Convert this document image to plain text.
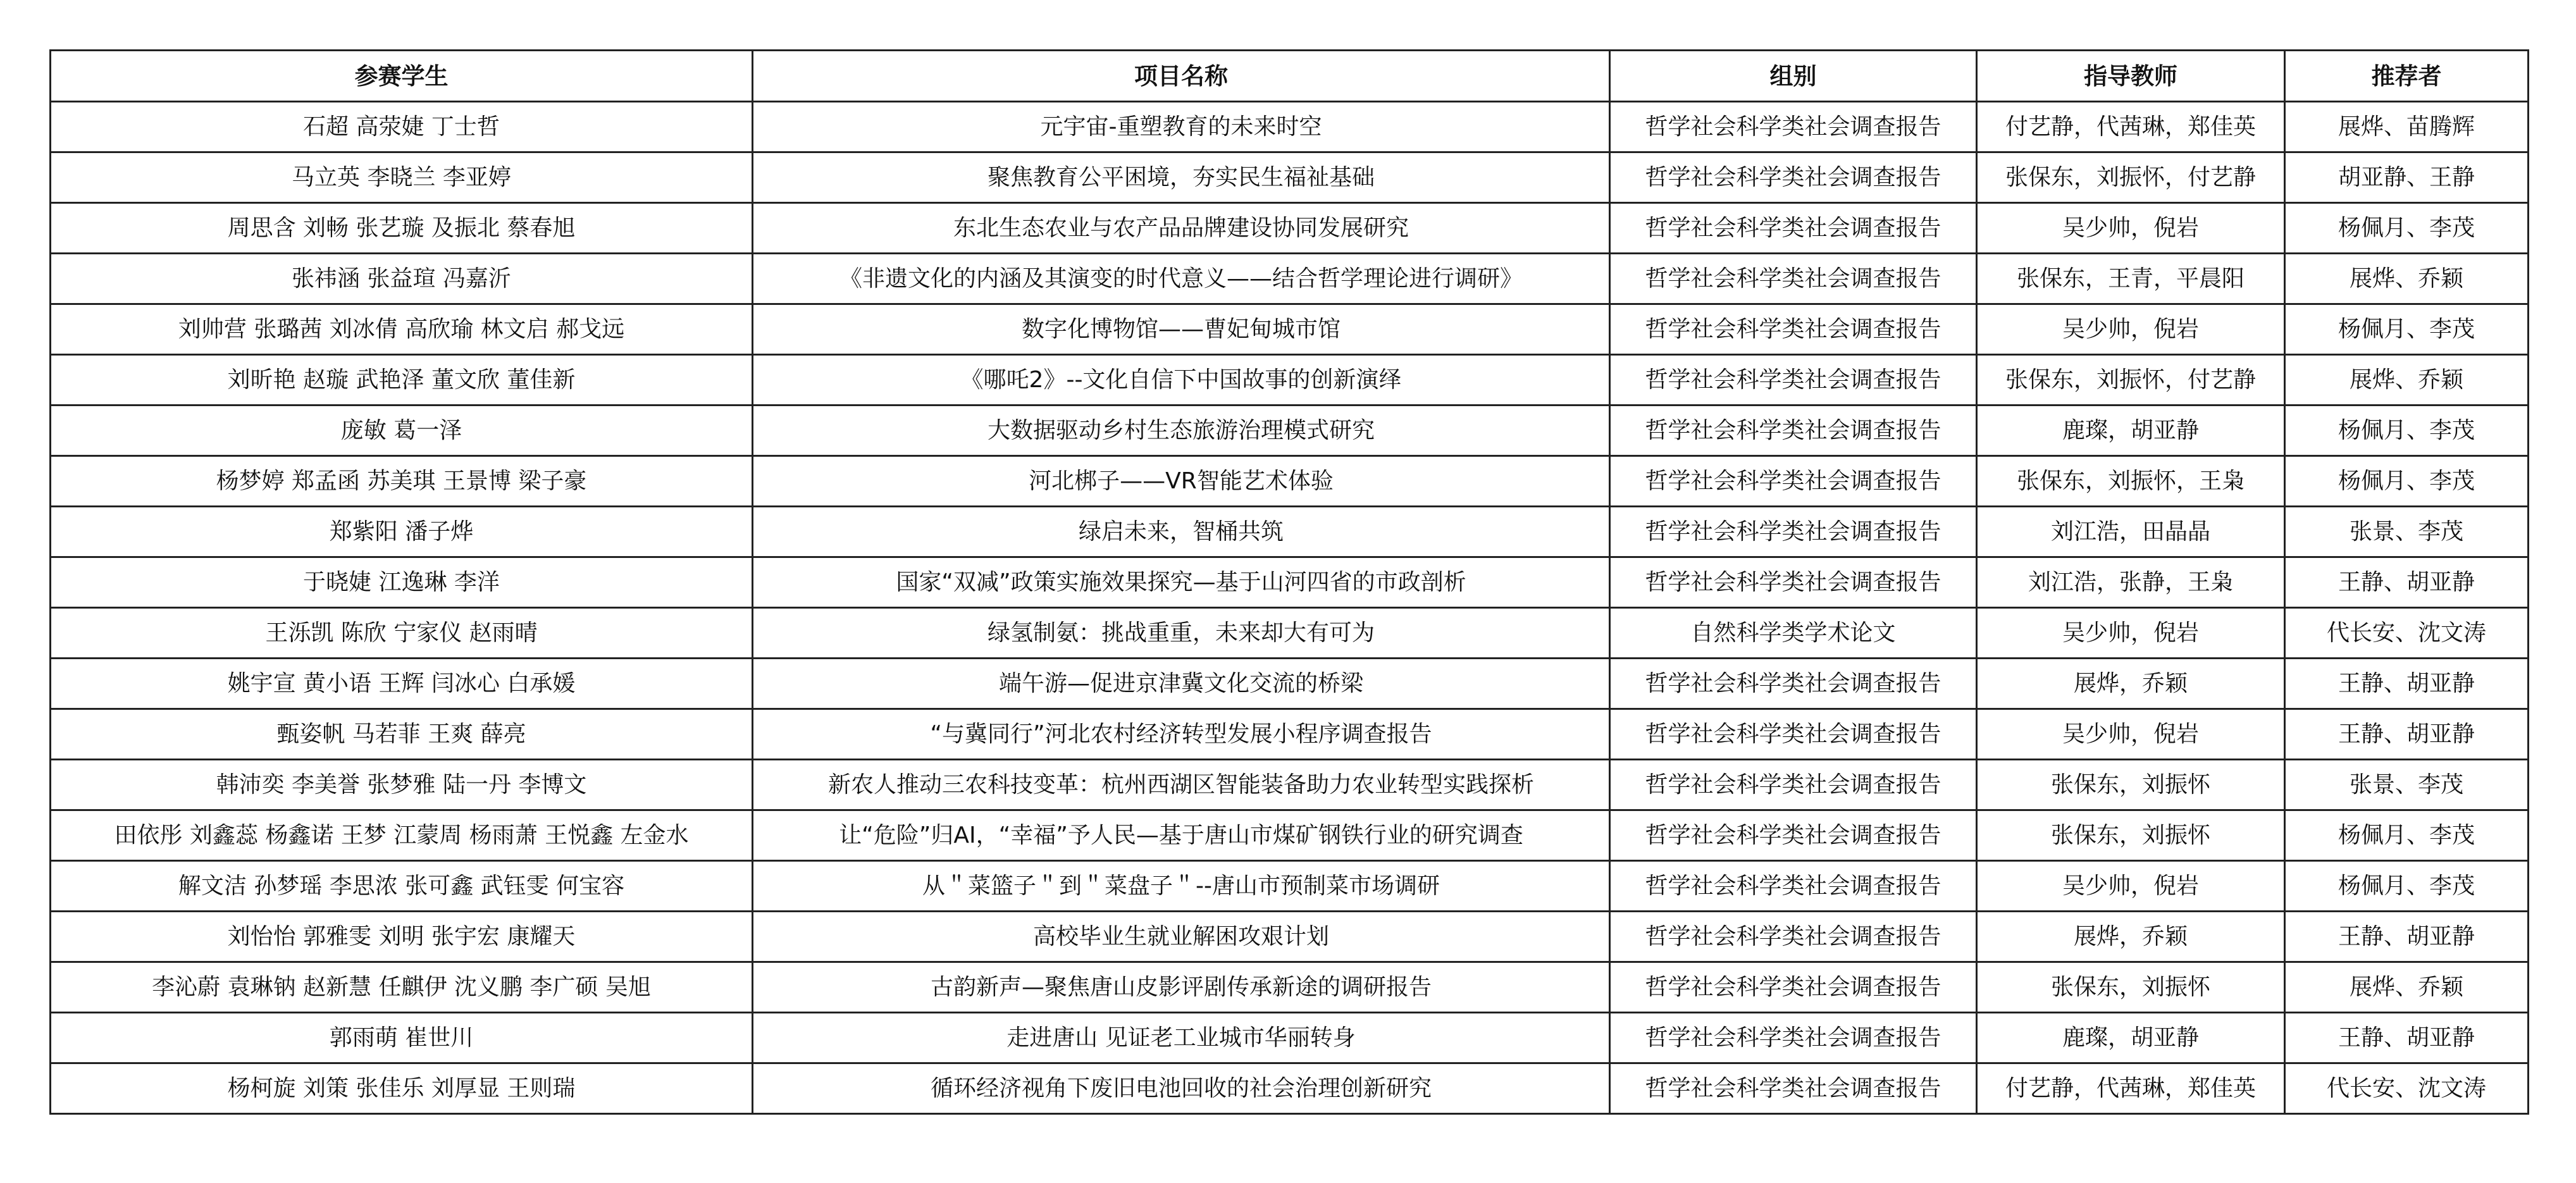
参赛学生	项目名称	组别	指导教师	推荐者
石超 高荥婕 丁士哲	元宇宙-重塑教育的未来时空	哲学社会科学类社会调查报告	付艺静，代茜琳，郑佳英	展烨、苗腾辉
马立英 李晓兰 李亚婷	聚焦教育公平困境，夯实民生福祉基础	哲学社会科学类社会调查报告	张保东，刘振怀，付艺静	胡亚静、王静
周思含 刘畅 张艺璇 及振北 蔡春旭	东北生态农业与农产品品牌建设协同发展研究	哲学社会科学类社会调查报告	吴少帅，倪岩	杨佩月、李茂
张祎涵 张益瑄 冯嘉沂	《非遗文化的内涵及其演变的时代意义——结合哲学理论进行调研》	哲学社会科学类社会调查报告	张保东，王青，平晨阳	展烨、乔颖
刘帅营 张璐茜 刘冰倩 高欣瑜 林文启 郝戈远	数字化博物馆——曹妃甸城市馆	哲学社会科学类社会调查报告	吴少帅，倪岩	杨佩月、李茂
刘昕艳 赵璇 武艳泽 董文欣 董佳新	《哪吒2》--文化自信下中国故事的创新演绎	哲学社会科学类社会调查报告	张保东，刘振怀，付艺静	展烨、乔颖
庞敏 葛一泽	大数据驱动乡村生态旅游治理模式研究	哲学社会科学类社会调查报告	鹿璨，胡亚静	杨佩月、李茂
杨梦婷 郑孟函 苏美琪 王景博 梁子豪	河北梆子——VR智能艺术体验	哲学社会科学类社会调查报告	张保东，刘振怀，王枭	杨佩月、李茂
郑紫阳 潘子烨	绿启未来，智桶共筑	哲学社会科学类社会调查报告	刘江浩，田晶晶	张景、李茂
于晓婕 江逸琳 李洋	国家“双减”政策实施效果探究—基于山河四省的市政剖析	哲学社会科学类社会调查报告	刘江浩，张静，王枭	王静、胡亚静
王泺凯 陈欣 宁家仪 赵雨晴	绿氢制氨：挑战重重，未来却大有可为	自然科学类学术论文	吴少帅，倪岩	代长安、沈文涛
姚宇宣 黄小语 王辉 闫冰心 白承媛	端午游—促进京津冀文化交流的桥梁	哲学社会科学类社会调查报告	展烨，乔颖	王静、胡亚静
甄姿帆 马若菲 王爽 薛亮	“与冀同行”河北农村经济转型发展小程序调查报告	哲学社会科学类社会调查报告	吴少帅，倪岩	王静、胡亚静
韩沛奕 李美誉 张梦雅 陆一丹 李博文	新农人推动三农科技变革：杭州西湖区智能装备助力农业转型实践探析	哲学社会科学类社会调查报告	张保东，刘振怀	张景、李茂
田依彤 刘鑫蕊 杨鑫诺 王梦 江蒙周 杨雨萧 王悦鑫 左金水	让“危险”归AI，“幸福”予人民—基于唐山市煤矿钢铁行业的研究调查	哲学社会科学类社会调查报告	张保东，刘振怀	杨佩月、李茂
解文洁 孙梦瑶 李思浓 张可鑫 武钰雯 何宝容	从＂菜篮子＂到＂菜盘子＂--唐山市预制菜市场调研	哲学社会科学类社会调查报告	吴少帅，倪岩	杨佩月、李茂
刘怡怡 郭雅雯 刘明 张宇宏 康耀天	高校毕业生就业解困攻艰计划	哲学社会科学类社会调查报告	展烨，乔颖	王静、胡亚静
李沁蔚 袁琳钠 赵新慧 任麒伊 沈义鹏 李广硕 吴旭	古韵新声—聚焦唐山皮影评剧传承新途的调研报告	哲学社会科学类社会调查报告	张保东，刘振怀	展烨、乔颖
郭雨萌 崔世川	走进唐山 见证老工业城市华丽转身	哲学社会科学类社会调查报告	鹿璨，胡亚静	王静、胡亚静
杨柯旋 刘策 张佳乐 刘厚显 王则瑞	循环经济视角下废旧电池回收的社会治理创新研究	哲学社会科学类社会调查报告	付艺静，代茜琳，郑佳英	代长安、沈文涛
